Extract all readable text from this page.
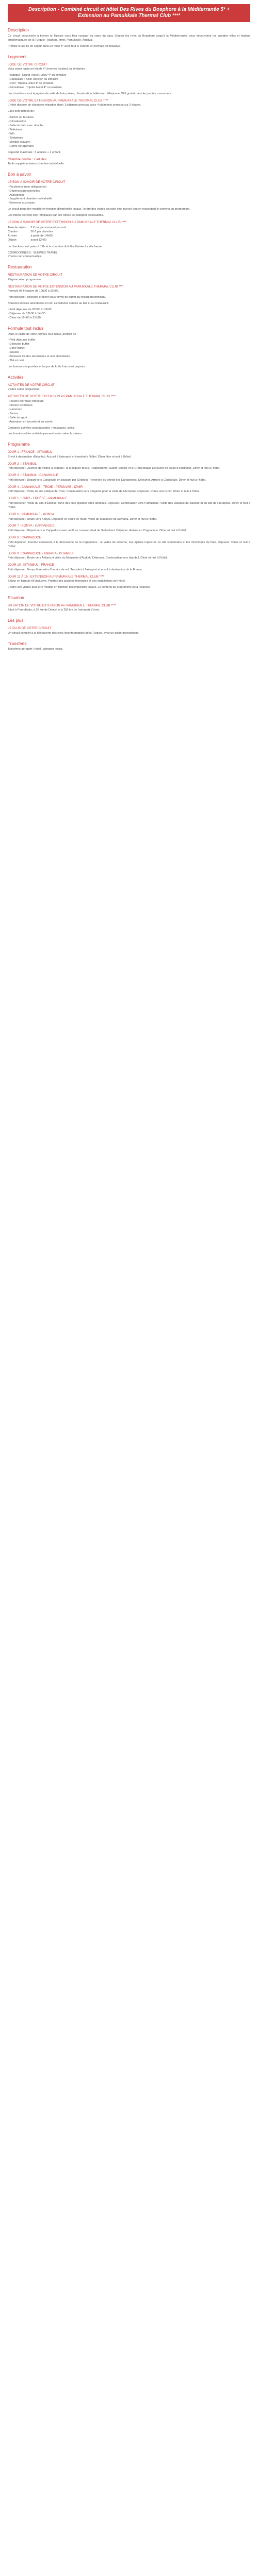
Description - Combiné circuit et hôtel Des Rives du Bosphore à la Méditerranée 5* + Extension au Pamukkale Thermal Club ****
Description

Ce circuit découverte à travers la Turquie vous fera voyager au cœur du pays. Depuis les rives du Bosphore jusqu'à la Méditerranée, vous découvrirez les grandes villes et régions emblématiques de la Turquie : Istanbul, Izmir, Pamukkale, Antalya.

Profitez d'une fin de séjour dans un hôtel 5* avec tout le confort, en formule All Inclusive.

Logement
LOGE DE VOTRE CIRCUIT

Vous serez logés en hôtels 4* (normes locales) ou similaires :

- Istanbul : Grand Hotel Gulsoy 4* ou similaire
- Canakkale : Kolin Hotel 5* ou similaire
- Izmir : Blanca Hotel 4* ou similaire
- Pamukkale : Tripolis Hotel 4* ou similaire

Les chambres sont équipées de salle de bain privée, climatisation, télévision, téléphone. Wifi gratuit dans les parties communes.

LOGE DE VOTRE EXTENSION AU PAMUKKALE THERMAL CLUB ****

L'hôtel dispose de chambres réparties dans 1 bâtiment principal avec 4 bâtiments annexes sur 2 étages.

Elles sont dotées de :

- Balcon ou terrasse
- Climatisation
- Salle de bain avec douche
- Télévision
- Wifi
- Téléphone
- Minibar (payant)
- Coffre-fort (payant)

Capacité maximale : 3 adultes + 1 enfant.

Chambre double : 2 adultes

Tarifs supplémentaires chambre individuelle.

Bon à savoir
LE BON À SAVOIR DE VOTRE CIRCUIT
- Pourboires (non obligatoires)
- Dépenses personnelles
- Assurances
- Supplément chambre individuelle
- Boissons aux repas

Le circuit peut être modifié en fonction d'impératifs locaux, l'ordre des visites pouvant être inversé tout en respectant le contenu du programme.

Les hôtels peuvent être remplacés par des hôtels de catégorie équivalente.

LE BON À SAVOIR DE VOTRE EXTENSION AU PAMUKKALE THERMAL CLUB ****
Taxe de séjour	2 € par personne et par nuit
Caution	50 € par chambre
Arrivée	à partir de 14h00
Départ	avant 12h00

Le check-out est prévu à 12h et la chambre doit être libérée à cette heure.

COORDONNÉES : SUNWEB TRAVEL

Photos non contractuelles.

Restauration
RESTAURATION DE VOTRE CIRCUIT

Régime selon programme

RESTAURATION DE VOTRE EXTENSION AU PAMUKKALE THERMAL CLUB ****

Formule All Inclusive de 10h00 à 23h00.

Petit déjeuner, déjeuner et dîner sous forme de buffet au restaurant principal.

Boissons locales alcoolisées et non alcoolisées servies au bar et au restaurant.

- Petit déjeuner de 07h00 à 10h00
- Déjeuner de 12h30 à 14h30
- Dîner de 19h00 à 21h30
Formule tout inclus

Dans le cadre de votre formule tout inclus, profitez de :

- Petit déjeuner buffet
- Déjeuner buffet
- Dîner buffet
- Snacks
- Boissons locales alcoolisées et non alcoolisées
- Thé et café

Les boissons importées et les jus de fruits frais sont payants.

Activités
ACTIVITÉS DE VOTRE CIRCUIT

Visites selon programme.

ACTIVITÉS DE VOTRE EXTENSION AU PAMUKKALE THERMAL CLUB ****
- Piscine thermale intérieure
- Piscine extérieure
- Hammam
- Sauna
- Salle de sport
- Animation en journée et en soirée

Certaines activités sont payantes : massages, soins.

Les horaires et les activités peuvent varier selon la saison.

Programme
JOUR 1 : FRANCE - ISTANBUL

Envol à destination d'Istanbul. Accueil à l'aéroport et transfert à l'hôtel. Dîner libre et nuit à l'hôtel.

JOUR 2 : ISTANBUL

Petit déjeuner. Journée de visites à Istanbul : la Mosquée Bleue, l'Hippodrome, Sainte-Sophie et le Grand Bazar. Déjeuner en cours d'excursion. Dîner et nuit à l'hôtel.

JOUR 3 : ISTANBUL - CANAKKALE

Petit déjeuner. Départ vers Canakkale en passant par Gelibolu. Traversée du détroit des Dardanelles. Déjeuner. Arrivée à Canakkale. Dîner et nuit à l'hôtel.

JOUR 4 : CANAKKALE - TROIE - PERGAME - IZMIR

Petit déjeuner. Visite du site antique de Troie. Continuation vers Pergame pour la visite de l'Acropole. Déjeuner. Route vers Izmir. Dîner et nuit à l'hôtel.

JOUR 5 : IZMIR - EPHÈSE - PAMUKKALE

Petit déjeuner. Visite du site d'Éphèse, l'une des plus grandes cités antiques. Déjeuner. Continuation vers Pamukkale. Visite des vasques de calcaire et du site de Hiérapolis. Dîner et nuit à l'hôtel.

JOUR 6 : PAMUKKALE - KONYA

Petit déjeuner. Route vers Konya. Déjeuner en cours de route. Visite du Mausolée de Mevlana. Dîner et nuit à l'hôtel.

JOUR 7 : KONYA - CAPPADOCE

Petit déjeuner. Départ vers la Cappadoce avec arrêt au caravansérail de Sultanhani. Déjeuner. Arrivée en Cappadoce. Dîner et nuit à l'hôtel.

JOUR 8 : CAPPADOCE

Petit déjeuner. Journée consacrée à la découverte de la Cappadoce : la vallée de Göreme, ses églises rupestres, la cité souterraine et les cheminées de fées. Déjeuner. Dîner et nuit à l'hôtel.

JOUR 9 : CAPPADOCE - ANKARA - ISTANBUL

Petit déjeuner. Route vers Ankara et visite du Mausolée d'Atatürk. Déjeuner. Continuation vers Istanbul. Dîner et nuit à l'hôtel.

JOUR 10 : ISTANBUL - FRANCE

Petit déjeuner. Temps libre selon l'horaire de vol. Transfert à l'aéroport et envol à destination de la France.

JOUR 11 À 15 : EXTENSION AU PAMUKKALE THERMAL CLUB ****

Séjour en formule All Inclusive. Profitez des piscines thermales et des installations de l'hôtel.

L'ordre des visites peut être modifié en fonction des impératifs locaux. Le contenu du programme sera respecté.

Situation
SITUATION DE VOTRE EXTENSION AU PAMUKKALE THERMAL CLUB ****

Situé à Pamukkale, à 20 km de Denizli et à 250 km de l'aéroport d'Izmir.

Les plus
LE PLUS DE VOTRE CIRCUIT

Un circuit complet à la découverte des sites incontournables de la Turquie, avec un guide francophone.

Transferts

Transferts aéroport / hôtel / aéroport inclus.
